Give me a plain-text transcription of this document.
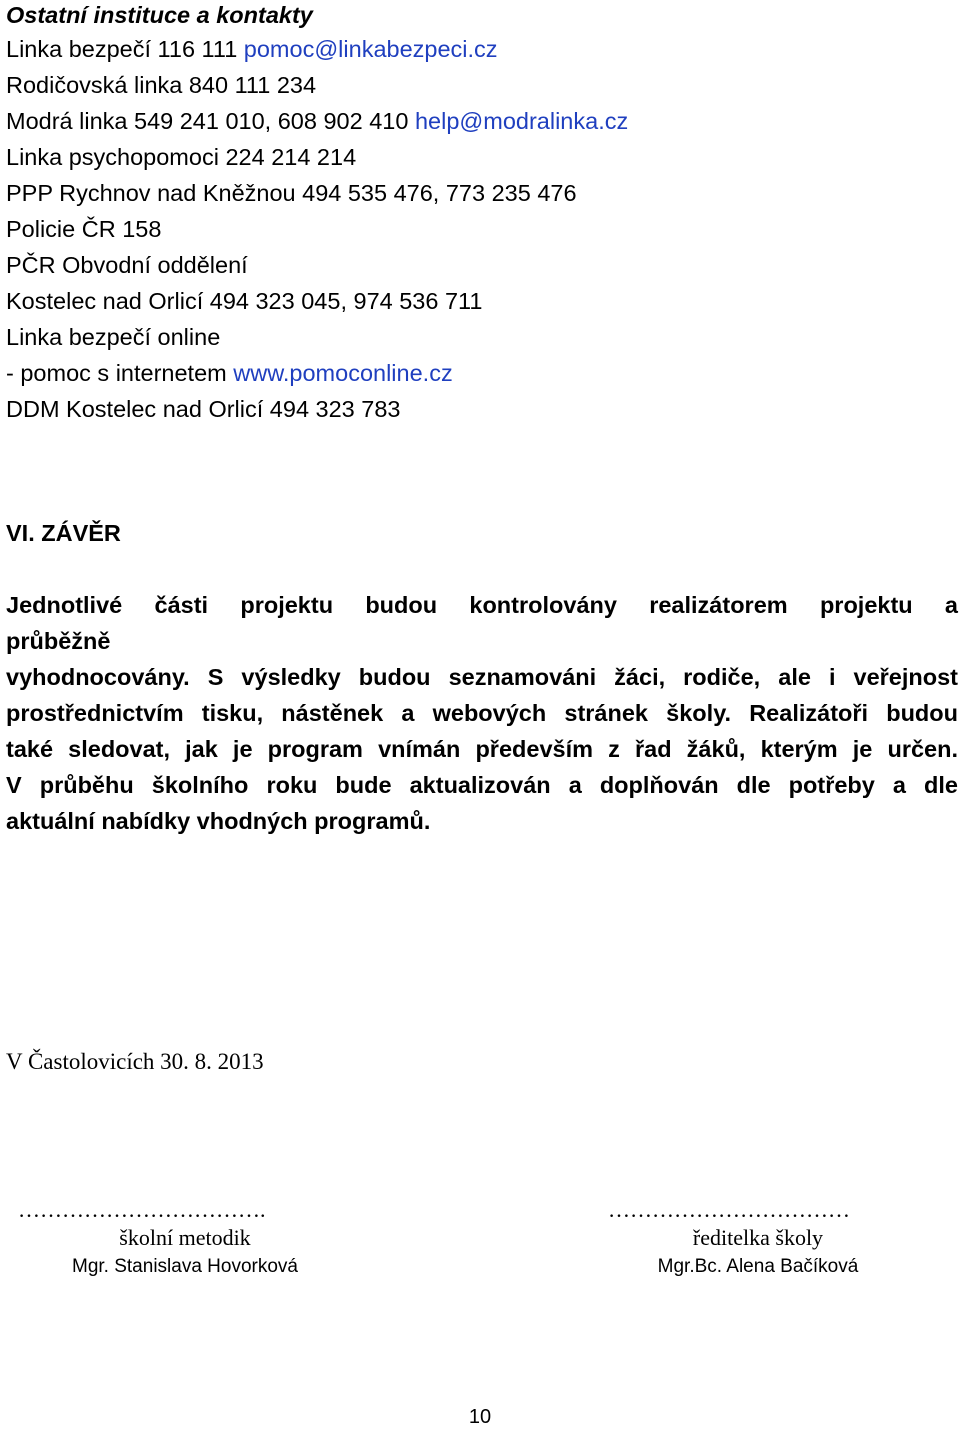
Ostatní instituce a kontakty
Linka bezpečí 116 111 pomoc@linkabezpeci.cz
Rodičovská linka 840 111 234
Modrá linka 549 241 010, 608 902 410 help@modralinka.cz
Linka psychopomoci 224 214 214
PPP Rychnov nad Kněžnou 494 535 476, 773 235 476
Policie ČR 158
PČR Obvodní oddělení
Kostelec nad Orlicí 494 323 045, 974 536 711
Linka bezpečí online
- pomoc s internetem www.pomoconline.cz
DDM Kostelec nad Orlicí 494 323 783
VI. ZÁVĚR
Jednotlivé části projektu budou kontrolovány realizátorem projektu a
průběžně
vyhodnocovány. S výsledky budou seznamováni žáci, rodiče, ale i veřejnost
prostřednictvím tisku, nástěnek a webových stránek školy. Realizátoři budou
také sledovat, jak je program vnímán především z řad žáků, kterým je určen.
V průběhu školního roku bude aktualizován a doplňován dle potřeby a dle
aktuální nabídky vhodných programů.
V Častolovicích 30. 8. 2013
…………………………….
školní metodik
Mgr. Stanislava Hovorková
……………………………
ředitelka školy
Mgr.Bc. Alena Bačíková
10
